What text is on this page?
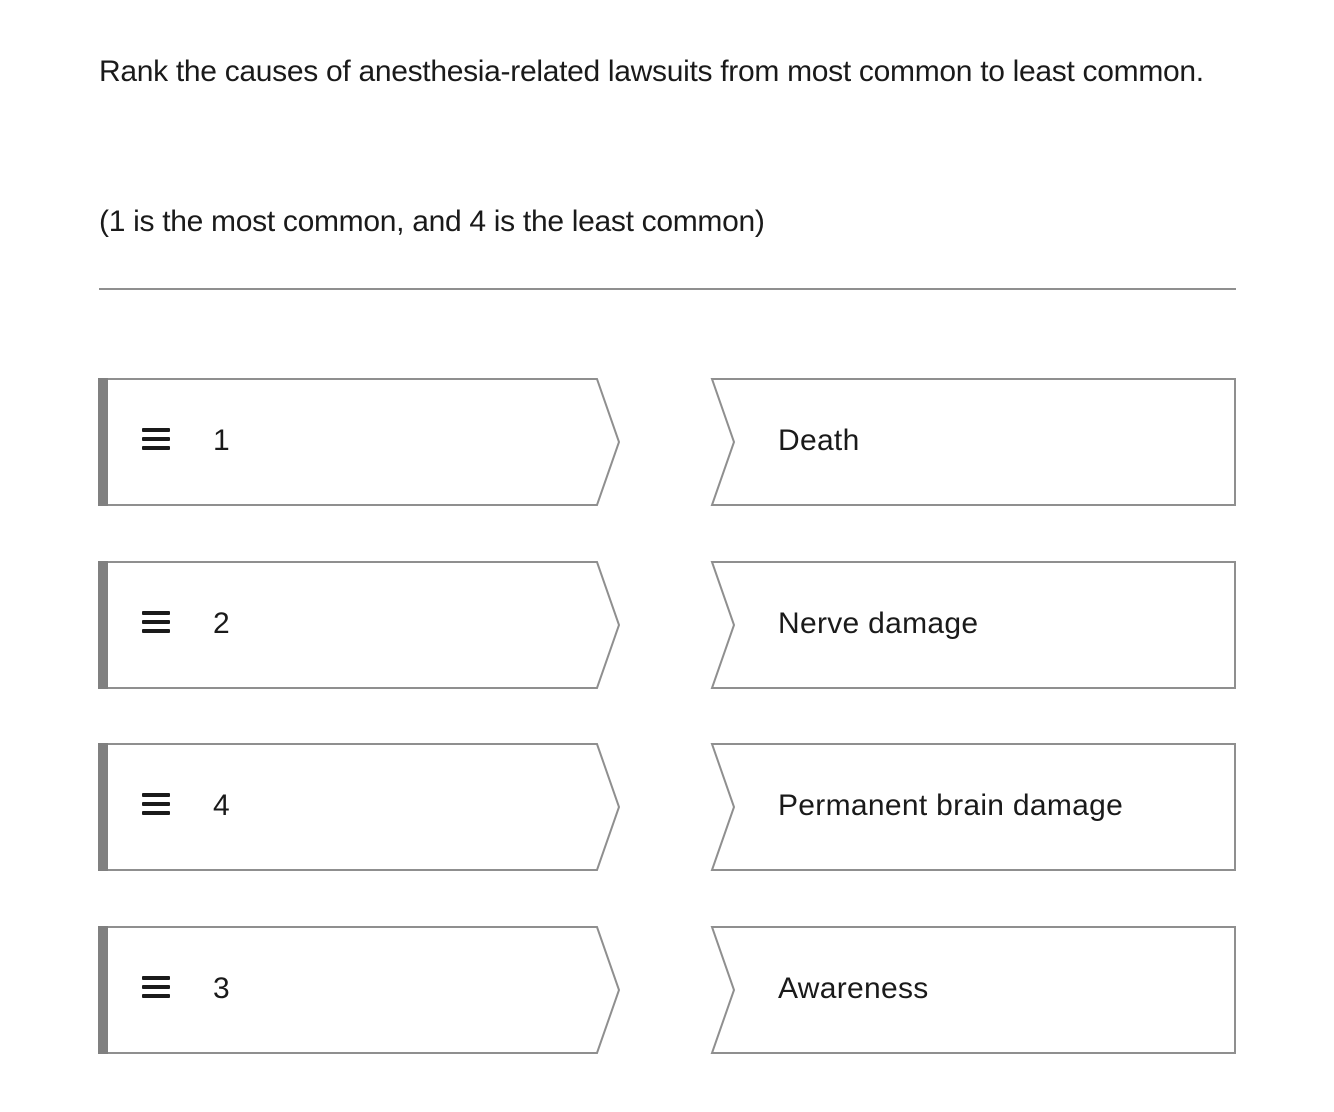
Rank the causes of anesthesia-related lawsuits from most common to least common.
(1 is the most common, and 4 is the least common)
1	Death
2	Nerve damage
4	Permanent brain damage
3	Awareness
